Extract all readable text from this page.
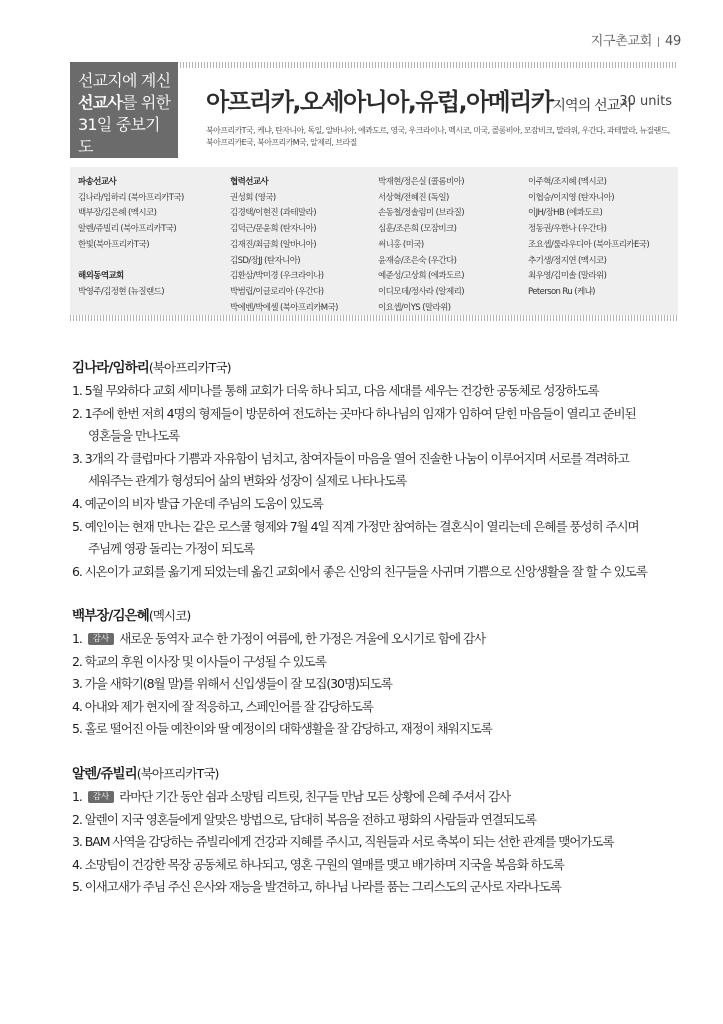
지구촌교회 49
선교지에 계신
선교사를 위한
31일 중보기도
아프리카,오세아니아,유럽,아메리카지역의 선교사
30 units
북아프리카T국, 케냐, 탄자니아, 독일, 알바니아, 에콰도르, 영국, 우크라이나, 멕시코, 미국, 콜롬비아, 모잠비크, 말라위, 우간다, 과테말라, 뉴질랜드, 북아프리카E국, 북아프리카M국, 알제리, 브라질
파송선교사
김나라/임하리 (북아프리카T국)
백부장/김은혜 (멕시코)
알렌/쥬빌리 (북아프리카T국)
한빛(북아프리카T국)
해외동역교회
박영주/김정현 (뉴질랜드)
협력선교사
권성회 (영국)
김경택/이현진 (과테말라)
김덕근/문윤희 (탄자니아)
김재진/최금희 (알바니아)
김SD/장JJ (탄자니아)
김환삼/박미경 (우크라이나)
박범립/이글로리아 (우간다)
박에벤/박에셀 (북아프리카M국)
박재현/정은실 (콜롬비아)
서상혁/전혜진 (독일)
손동철/정솔림미 (브라질)
심훈/조은희 (모잠비크)
써니홍 (미국)
윤재승/조은숙 (우간다)
예준성/고상희 (에콰도르)
이디모데/정사라 (알제리)
이요셉/이YS (말라위)
이주혁/조지혜 (멕시코)
이협승/이지영 (탄자니아)
이JH/장HB (에콰도르)
정동권/우한나 (우간다)
조요셉/룰라우디아 (북아프리카E국)
추기생/정지연 (멕시코)
최우영/김미솔 (말라위)
Peterson Ru (케냐)
김나라/임하리(북아프리카T국)
1. 5월 무와하다 교회 세미나를 통해 교회가 더욱 하나 되고, 다음 세대를 세우는 건강한 공동체로 성장하도록
2. 1주에 한번 저희 4명의 형제들이 방문하여 전도하는 곳마다 하나님의 임재가 임하여 닫힌 마음들이 열리고 준비된
영혼들을 만나도록
3. 3개의 각 클럽마다 기쁨과 자유함이 넘치고, 참여자들이 마음을 열어 진솔한 나눔이 이루어지며 서로를 격려하고
세워주는 관계가 형성되어 삶의 변화와 성장이 실제로 나타나도록
4. 예군이의 비자 발급 가운데 주님의 도움이 있도록
5. 예인이는 현재 만나는 같은 로스쿨 형제와 7월 4일 직계 가정만 참여하는 결혼식이 열리는데 은혜를 풍성히 주시며
주님께 영광 돌리는 가정이 되도록
6. 시온이가 교회를 옮기게 되었는데 옮긴 교회에서 좋은 신앙의 친구들을 사귀며 기쁨으로 신앙생활을 잘 할 수 있도록
백부장/김은혜(멕시코)
1. 감사 새로운 동역자 교수 한 가정이 여름에, 한 가정은 겨울에 오시기로 함에 감사
2. 학교의 후원 이사장 및 이사들이 구성될 수 있도록
3. 가을 새학기(8월 말)를 위해서 신입생들이 잘 모집(30명)되도록
4. 아내와 제가 현지에 잘 적응하고, 스페인어를 잘 감당하도록
5. 홀로 떨어진 아들 예찬이와 딸 예정이의 대학생활을 잘 감당하고, 재정이 채워지도록
알렌/쥬빌리(북아프리카T국)
1. 감사 라마단 기간 동안 쉼과 소망팀 리트릿, 친구들 만남 모든 상황에 은혜 주셔서 감사
2. 알렌이 지국 영혼들에게 알맞은 방법으로, 담대히 복음을 전하고 평화의 사람들과 연결되도록
3. BAM 사역을 감당하는 쥬빌리에게 건강과 지혜를 주시고, 직원들과 서로 축복이 되는 선한 관계를 맺어가도록
4. 소망팀이 건강한 목장 공동체로 하나되고, 영혼 구원의 열매를 맺고 배가하며 지국을 복음화 하도록
5. 이새고새가 주님 주신 은사와 재능을 발견하고, 하나님 나라를 품는 그리스도의 군사로 자라나도록
